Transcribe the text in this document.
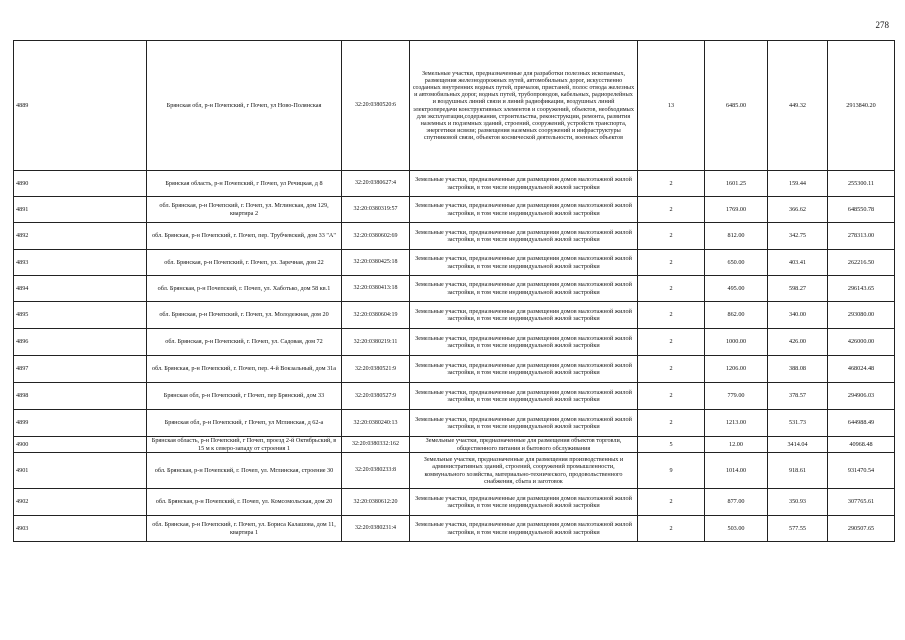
278
4889	Брянская обл, р-н Почепский, г Почеп, ул Ново-Полянская	32:20:0380520:6	Земельные участки, предназначенные для разработки полезных ископаемых, размещения железнодорожных путей, автомобильных дорог, искусственно созданных внутренних водных путей, причалов, пристаней, полос отвода железных и автомобильных дорог, водных путей, трубопроводов, кабельных, радиорелейных и воздушных линий связи и линий радиофикации, воздушных линий электропередачи конструктивных элементов и сооружений, объектов, необходимых для эксплуатации,содержания, строительства, реконструкции, ремонта, развития наземных и подземных зданий, строений, сооружений, устройств транспорта, энергетики исвязи; размещения наземных сооружений и инфраструктуры спутниковой связи, объектов космической деятельности, военных объектов	13	6485.00	449.32	2913840.20
4890	Брянская область, р-н Почепский, г Почеп, ул Речицкая, д 8	32:20:0380627:4	Земельные участки, предназначенные для размещения домов малоэтажной жилой застройки, в том числе индивидуальной жилой застройки	2	1601.25	159.44	255300.11
4891	обл. Брянская, р-н Почепский, г. Почеп, ул. Мглинская, дом 129, квартира 2	32:20:0380319:57	Земельные участки, предназначенные для размещения домов малоэтажной жилой застройки, в том числе индивидуальной жилой застройки	2	1769.00	366.62	648550.78
4892	обл. Брянская, р-н Почепский, г. Почеп, пер. Трубчевский, дом 33 "А"	32:20:0380602:69	Земельные участки, предназначенные для размещения домов малоэтажной жилой застройки, в том числе индивидуальной жилой застройки	2	812.00	342.75	278313.00
4893	обл. Брянская, р-н Почепский, г. Почеп, ул. Заречная, дом 22	32:20:0380425:18	Земельные участки, предназначенные для размещения домов малоэтажной жилой застройки, в том числе индивидуальной жилой застройки	2	650.00	403.41	262216.50
4894	обл. Брянская, р-н Почепский, г. Почеп, ул. Хаботько, дом 58 кв.1	32:20:0380413:18	Земельные участки, предназначенные для размещения домов малоэтажной жилой застройки, в том числе индивидуальной жилой застройки	2	495.00	598.27	296143.65
4895	обл. Брянская, р-н Почепский, г. Почеп, ул. Молодежная, дом 20	32:20:0380604:19	Земельные участки, предназначенные для размещения домов малоэтажной жилой застройки, в том числе индивидуальной жилой застройки	2	862.00	340.00	293080.00
4896	обл. Брянская, р-н Почепский, г. Почеп, ул. Садовая, дом 72	32:20:0380219:11	Земельные участки, предназначенные для размещения домов малоэтажной жилой застройки, в том числе индивидуальной жилой застройки	2	1000.00	426.00	426000.00
4897	обл. Брянская, р-н Почепский, г. Почеп, пер. 4-й Вокзальный, дом 31а	32:20:0380521:9	Земельные участки, предназначенные для размещения домов малоэтажной жилой застройки, в том числе индивидуальной жилой застройки	2	1206.00	388.08	468024.48
4898	Брянская обл, р-н Почепский, г Почеп, пер Брянский, дом 33	32:20:0380527:9	Земельные участки, предназначенные для размещения домов малоэтажной жилой застройки, в том числе индивидуальной жилой застройки	2	779.00	378.57	294906.03
4899	Брянская обл, р-н Почепский, г Почеп, ул Мглинская, д 62-а	32:20:0380240:13	Земельные участки, предназначенные для размещения домов малоэтажной жилой застройки, в том числе индивидуальной жилой застройки	2	1213.00	531.73	644988.49
4900	Брянская область, р-н Почепский, г Почеп, проезд 2-й Октябрьский, в 15 м к северо-западу от строения 1	32:20:0380332:162	Земельные участки, предназначенные для размещения объектов торговли, общественного питания и бытового обслуживания	5	12.00	3414.04	40968.48
4901	обл. Брянская, р-н Почепский, г. Почеп, ул. Мглинская, строение 30	32:20:0380233:8	Земельные участки, предназначенные для размещения производственных и административных зданий, строений, сооружений промышленности, коммунального хозяйства, материально-технического, продовольственного снабжения, сбыта и заготовок	9	1014.00	918.61	931470.54
4902	обл. Брянская, р-н Почепский, г. Почеп, ул. Комсомольская, дом 20	32:20:0380612:20	Земельные участки, предназначенные для размещения домов малоэтажной жилой застройки, в том числе индивидуальной жилой застройки	2	877.00	350.93	307765.61
4903	обл. Брянская, р-н Почепский, г. Почеп, ул. Бориса Калашова, дом 11, квартира 1	32:20:0380231:4	Земельные участки, предназначенные для размещения домов малоэтажной жилой застройки, в том числе индивидуальной жилой застройки	2	503.00	577.55	290507.65
